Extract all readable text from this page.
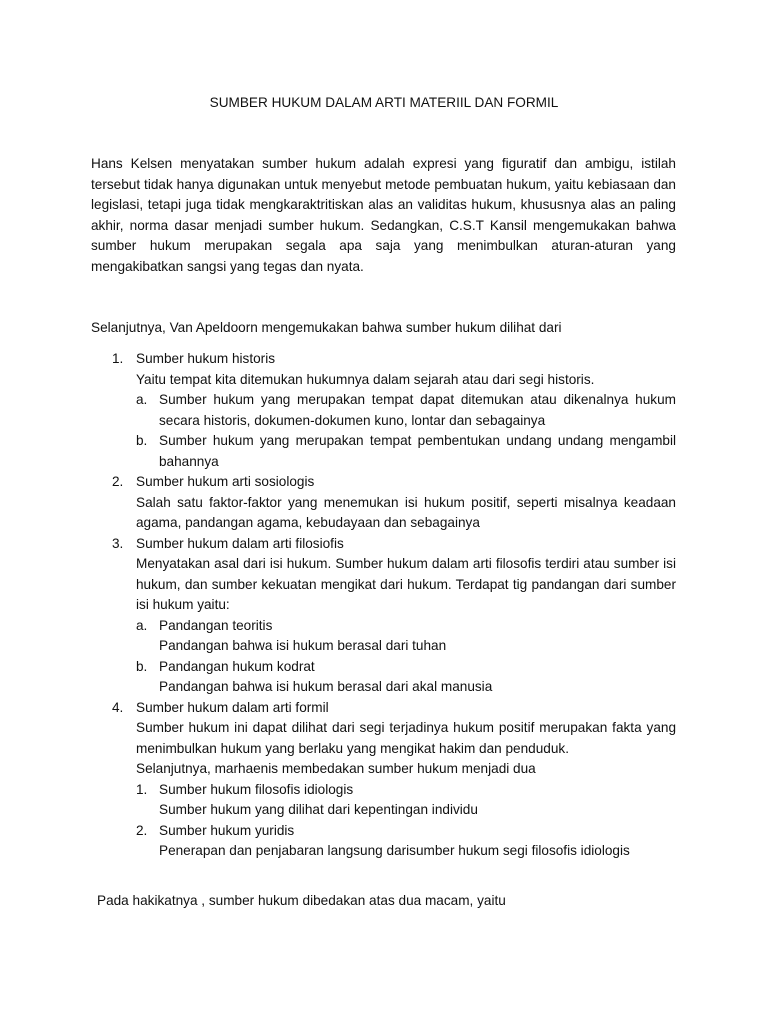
SUMBER HUKUM DALAM ARTI MATERIIL DAN FORMIL

Hans Kelsen menyatakan sumber hukum adalah expresi yang figuratif dan ambigu, istilah tersebut tidak hanya digunakan untuk menyebut metode pembuatan hukum, yaitu kebiasaan dan legislasi, tetapi juga tidak mengkaraktritiskan alas an validitas hukum, khususnya alas an paling akhir, norma dasar menjadi sumber hukum. Sedangkan, C.S.T Kansil mengemukakan bahwa sumber hukum merupakan segala apa saja yang menimbulkan aturan-aturan yang mengakibatkan sangsi yang tegas dan nyata.

Selanjutnya, Van Apeldoorn mengemukakan bahwa sumber hukum dilihat dari

1. Sumber hukum historis
Yaitu tempat kita ditemukan hukumnya dalam sejarah atau dari segi historis.
a. Sumber hukum yang merupakan tempat dapat ditemukan atau dikenalnya hukum secara historis, dokumen-dokumen kuno, lontar dan sebagainya
b. Sumber hukum yang merupakan tempat pembentukan undang undang mengambil bahannya
2. Sumber hukum arti sosiologis
Salah satu faktor-faktor yang menemukan isi hukum positif, seperti misalnya keadaan agama, pandangan agama, kebudayaan dan sebagainya
3. Sumber hukum dalam arti filosiofis
Menyatakan asal dari isi hukum. Sumber hukum dalam arti filosofis terdiri atau sumber isi hukum, dan sumber kekuatan mengikat dari hukum. Terdapat tig pandangan dari sumber isi hukum yaitu:
a. Pandangan teoritis
Pandangan bahwa isi hukum berasal dari tuhan
b. Pandangan hukum kodrat
Pandangan bahwa isi hukum berasal dari akal manusia
4. Sumber hukum dalam arti formil
Sumber hukum ini dapat dilihat dari segi terjadinya hukum positif merupakan fakta yang menimbulkan hukum yang berlaku yang mengikat hakim dan penduduk.
Selanjutnya, marhaenis membedakan sumber hukum menjadi dua
1. Sumber hukum filosofis idiologis
Sumber hukum yang dilihat dari kepentingan individu
2. Sumber hukum yuridis
Penerapan dan penjabaran langsung darisumber hukum segi filosofis idiologis

Pada hakikatnya , sumber hukum dibedakan atas dua macam, yaitu
